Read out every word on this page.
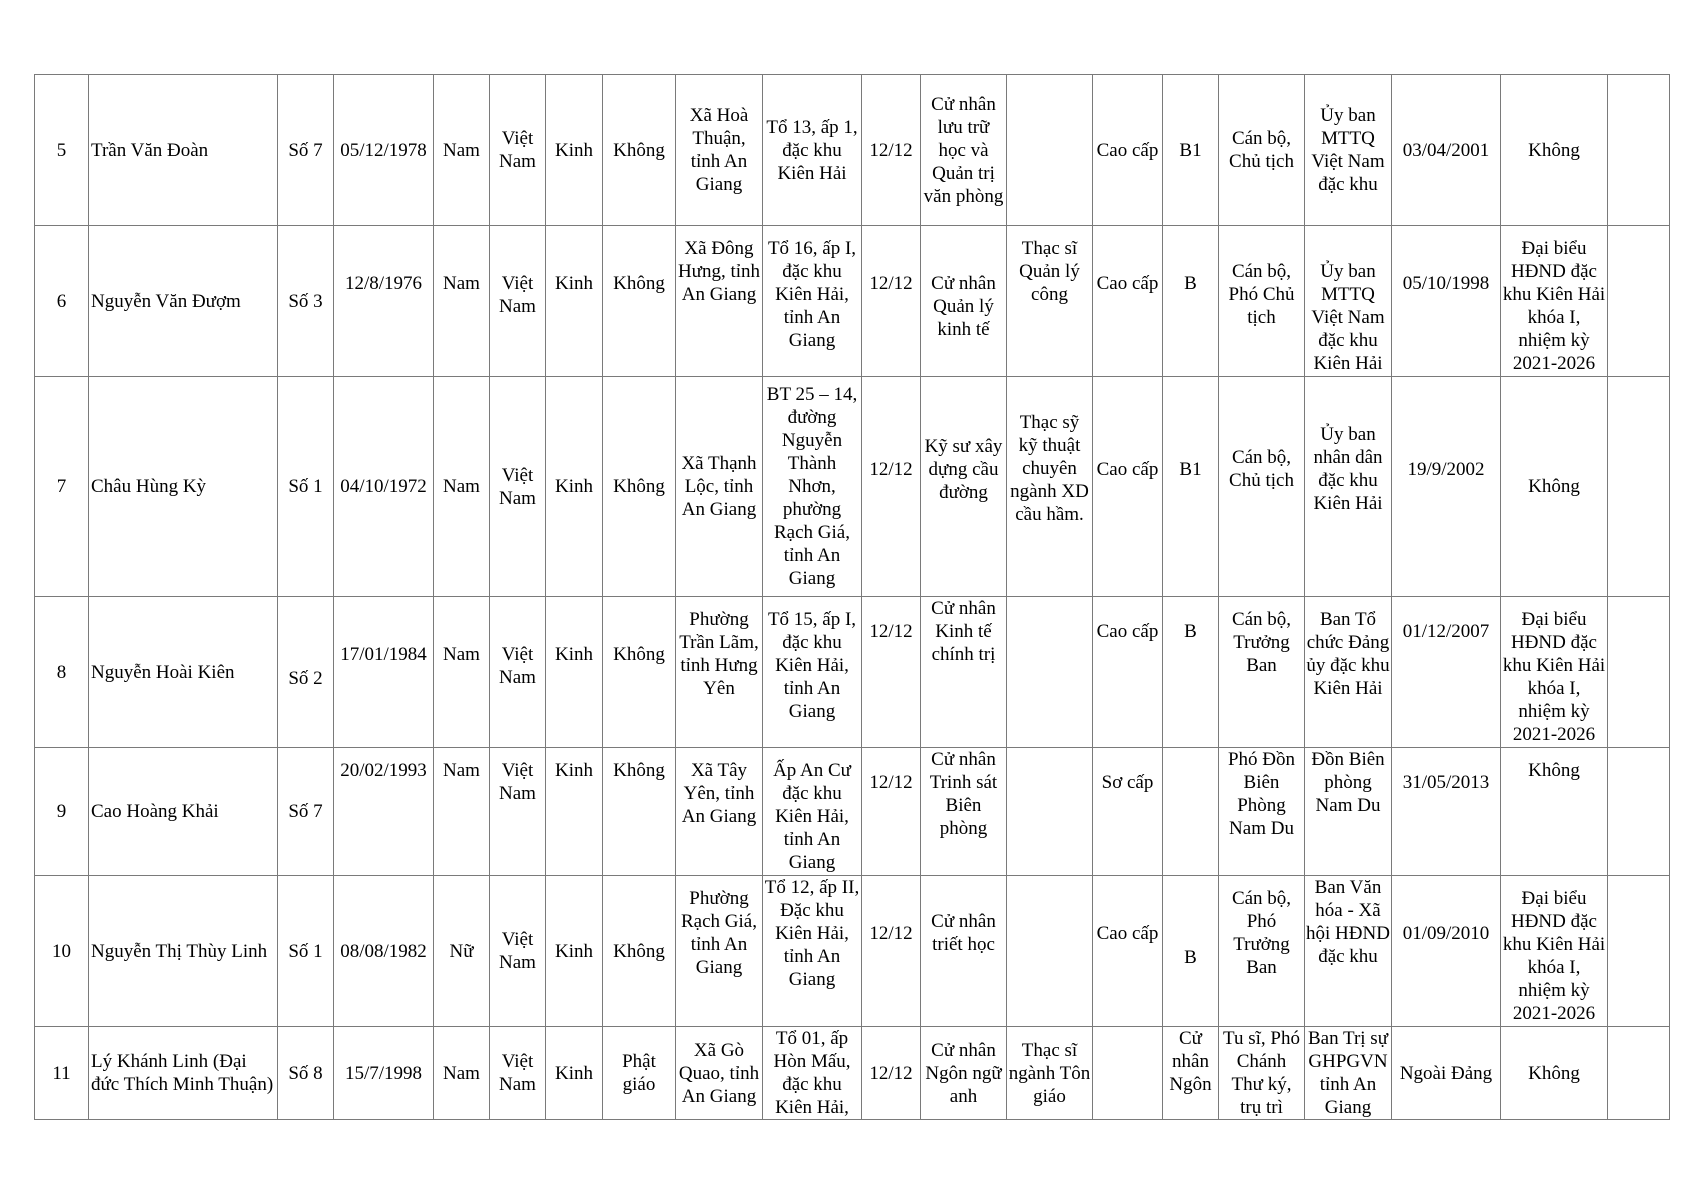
5	Trần Văn Đoàn	Số 7	05/12/1978	Nam	Việt Nam	Kinh	Không	Xã Hoà Thuận, tỉnh An Giang	Tổ 13, ấp 1, đặc khu Kiên Hải	12/12	Cử nhân lưu trữ học và Quản trị văn phòng		Cao cấp	B1	Cán bộ, Chủ tịch	Ủy ban MTTQ Việt Nam đặc khu	03/04/2001	Không	
6	Nguyễn Văn Đượm	Số 3	12/8/1976	Nam	Việt Nam	Kinh	Không	Xã Đông Hưng, tỉnh An Giang	Tổ 16, ấp I, đặc khu Kiên Hải, tỉnh An Giang	12/12	Cử nhân Quản lý kinh tế	Thạc sĩ Quản lý công	Cao cấp	B	Cán bộ, Phó Chủ tịch	Ủy ban MTTQ Việt Nam đặc khu Kiên Hải	05/10/1998	Đại biểu HĐND đặc khu Kiên Hải khóa I, nhiệm kỳ 2021-2026	
7	Châu Hùng Kỳ	Số 1	04/10/1972	Nam	Việt Nam	Kinh	Không	Xã Thạnh Lộc, tỉnh An Giang	BT 25 – 14, đường Nguyễn Thành Nhơn, phường Rạch Giá, tỉnh An Giang	12/12	Kỹ sư xây dựng cầu đường	Thạc sỹ kỹ thuật chuyên ngành XD cầu hầm.	Cao cấp	B1	Cán bộ, Chủ tịch	Ủy ban nhân dân đặc khu Kiên Hải	19/9/2002	Không	
8	Nguyễn Hoài Kiên	Số 2	17/01/1984	Nam	Việt Nam	Kinh	Không	Phường Trần Lãm, tỉnh Hưng Yên	Tổ 15, ấp I, đặc khu Kiên Hải, tỉnh An Giang	12/12	Cử nhân Kinh tế chính trị		Cao cấp	B	Cán bộ, Trưởng Ban	Ban Tổ chức Đảng ủy đặc khu Kiên Hải	01/12/2007	Đại biểu HĐND đặc khu Kiên Hải khóa I, nhiệm kỳ 2021-2026	
9	Cao Hoàng Khải	Số 7	20/02/1993	Nam	Việt Nam	Kinh	Không	Xã Tây Yên, tỉnh An Giang	Ấp An Cư đặc khu Kiên Hải, tỉnh An Giang	12/12	Cử nhân Trinh sát Biên phòng		Sơ cấp		Phó Đồn Biên Phòng Nam Du	Đồn Biên phòng Nam Du	31/05/2013	Không	
10	Nguyễn Thị Thùy Linh	Số 1	08/08/1982	Nữ	Việt Nam	Kinh	Không	Phường Rạch Giá, tỉnh An Giang	Tổ 12, ấp II, Đặc khu Kiên Hải, tỉnh An Giang	12/12	Cử nhân triết học		Cao cấp	B	Cán bộ, Phó Trưởng Ban	Ban Văn hóa - Xã hội HĐND đặc khu	01/09/2010	Đại biểu HĐND đặc khu Kiên Hải khóa I, nhiệm kỳ 2021-2026	
11	Lý Khánh Linh (Đại đức Thích Minh Thuận)	Số 8	15/7/1998	Nam	Việt Nam	Kinh	Phật giáo	Xã Gò Quao, tỉnh An Giang	Tổ 01, ấp Hòn Mấu, đặc khu Kiên Hải,	12/12	Cử nhân Ngôn ngữ anh	Thạc sĩ ngành Tôn giáo		Cử nhân Ngôn	Tu sĩ, Phó Chánh Thư ký, trụ trì	Ban Trị sự GHPGVN tỉnh An Giang	Ngoài Đảng	Không	
